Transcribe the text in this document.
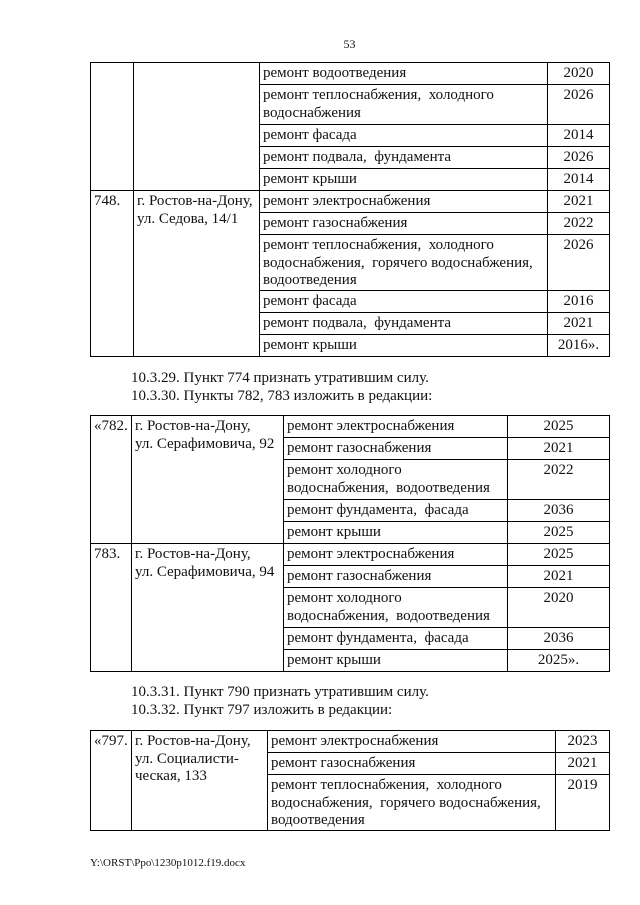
53
		ремонт водоотведения	2020
		ремонт теплоснабжения,  холодного
водоснабжения	2026
		ремонт фасада	2014
		ремонт подвала,  фундамента	2026
		ремонт крыши	2014
748.	г. Ростов-на-Дону,
ул. Седова, 14/1	ремонт электроснабжения	2021
		ремонт газоснабжения	2022
		ремонт теплоснабжения,  холодного
водоснабжения,  горячего водоснабжения,
водоотведения	2026
		ремонт фасада	2016
		ремонт подвала,  фундамента	2021
		ремонт крыши	2016».
10.3.29. Пункт 774 признать утратившим силу.
10.3.30. Пункты 782, 783 изложить в редакции:
«782.	г. Ростов-на-Дону,
ул. Серафимовича, 92	ремонт электроснабжения	2025
		ремонт газоснабжения	2021
		ремонт холодного
водоснабжения,  водоотведения	2022
		ремонт фундамента,  фасада	2036
		ремонт крыши	2025
783.	г. Ростов-на-Дону,
ул. Серафимовича, 94	ремонт электроснабжения	2025
		ремонт газоснабжения	2021
		ремонт холодного
водоснабжения,  водоотведения	2020
		ремонт фундамента,  фасада	2036
		ремонт крыши	2025».
10.3.31. Пункт 790 признать утратившим силу.
10.3.32. Пункт 797 изложить в редакции:
«797.	г. Ростов-на-Дону,
ул. Социалисти-
ческая, 133	ремонт электроснабжения	2023
		ремонт газоснабжения	2021
		ремонт теплоснабжения,  холодного
водоснабжения,  горячего водоснабжения,
водоотведения	2019
Y:\ORST\Ppo\1230p1012.f19.docx
